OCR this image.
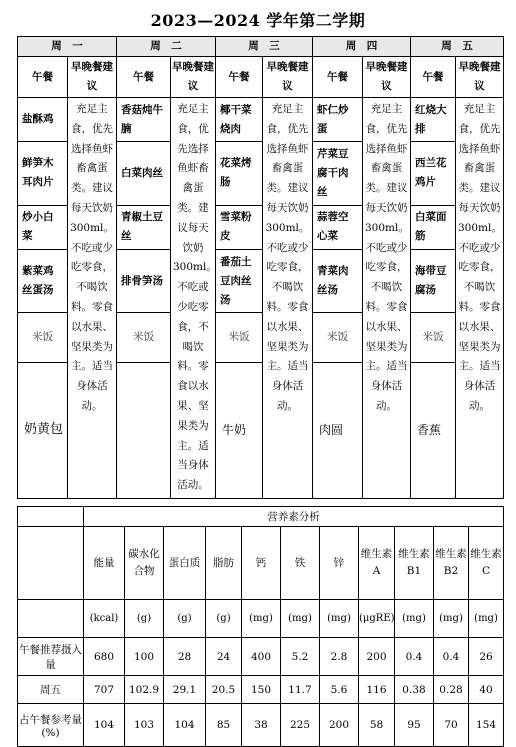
2023—2024 学年第二学期
周　一		周　二		周　三		周　四		周　五	
午餐	早晚餐建议	午餐	早晚餐建议	午餐	早晚餐建议	午餐	早晚餐建议	午餐	早晚餐建议
盐酥鸡	充足主食，优先选择鱼虾畜禽蛋类。建议每天饮奶300ml。不吃或少吃零食，不喝饮料。零食以水果、坚果类为主。适当身体活动。	香菇炖牛腩	充足主食，优先选择鱼虾畜禽蛋类。建议每天饮奶300ml。不吃或少吃零食，不喝饮料。零食以水果、坚果类为主。适当身体活动。	椰干菜烧肉	充足主食，优先选择鱼虾畜禽蛋类。建议每天饮奶300ml。不吃或少吃零食，不喝饮料。零食以水果、坚果类为主。适当身体活动。	虾仁炒蛋	充足主食，优先选择鱼虾畜禽蛋类。建议每天饮奶300ml。不吃或少吃零食，不喝饮料。零食以水果、坚果类为主。适当身体活动。	红烧大排	充足主食，优先选择鱼虾畜禽蛋类。建议每天饮奶300ml。不吃或少吃零食，不喝饮料。零食以水果、坚果类为主。适当身体活动。
鲜笋木耳肉片		白菜肉丝		花菜烤肠		芹菜豆腐干肉丝		西兰花鸡片	
炒小白菜		青椒土豆丝		雪菜粉皮		蒜蓉空心菜		白菜面筋	
紫菜鸡丝蛋汤		排骨笋汤		番茄土豆肉丝汤		青菜肉丝汤		海带豆腐汤	
米饭		米饭		米饭		米饭		米饭	
奶黄包				牛奶		肉圆		香蕉	
	营养素分析										
	能量	碳水化合物	蛋白质	脂肪	钙	铁	锌	维生素A	维生素B1	维生素B2	维生素C
	(kcal)	(g)	(g)	(g)	(mg)	(mg)	(mg)	(μgRE)	(mg)	(mg)	(mg)
午餐推荐摄入量	680	100	28	24	400	5.2	2.8	200	0.4	0.4	26
周五	707	102.9	29.1	20.5	150	11.7	5.6	116	0.38	0.28	40
占午餐参考量(%)	104	103	104	85	38	225	200	58	95	70	154
